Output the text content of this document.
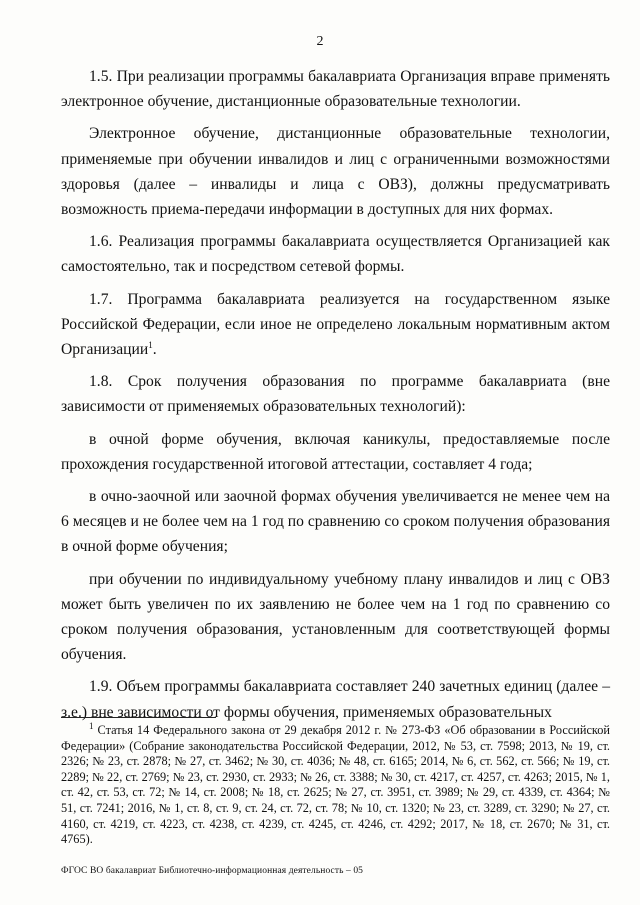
2

1.5. При реализации программы бакалавриата Организация вправе применять электронное обучение, дистанционные образовательные технологии.

Электронное обучение, дистанционные образовательные технологии, применяемые при обучении инвалидов и лиц с ограниченными возможностями здоровья (далее – инвалиды и лица с ОВЗ), должны предусматривать возможность приема-передачи информации в доступных для них формах.

1.6. Реализация программы бакалавриата осуществляется Организацией как самостоятельно, так и посредством сетевой формы.

1.7. Программа бакалавриата реализуется на государственном языке Российской Федерации, если иное не определено локальным нормативным актом Организации$^1$.

1.8. Срок получения образования по программе бакалавриата (вне зависимости от применяемых образовательных технологий):

в очной форме обучения, включая каникулы, предоставляемые после прохождения государственной итоговой аттестации, составляет 4 года;

в очно-заочной или заочной формах обучения увеличивается не менее чем на 6 месяцев и не более чем на 1 год по сравнению со сроком получения образования в очной форме обучения;

при обучении по индивидуальному учебному плану инвалидов и лиц с ОВЗ может быть увеличен по их заявлению не более чем на 1 год по сравнению со сроком получения образования, установленным для соответствующей формы обучения.

1.9. Объем программы бакалавриата составляет 240 зачетных единиц (далее – з.е.) вне зависимости от формы обучения, применяемых образовательных

$^1$ Статья 14 Федерального закона от 29 декабря 2012 г. № 273-ФЗ «Об образовании в Российской Федерации» (Собрание законодательства Российской Федерации, 2012, № 53, ст. 7598; 2013, № 19, ст. 2326; № 23, ст. 2878; № 27, ст. 3462; № 30, ст. 4036; № 48, ст. 6165; 2014, № 6, ст. 562, ст. 566; № 19, ст. 2289; № 22, ст. 2769; № 23, ст. 2930, ст. 2933; № 26, ст. 3388; № 30, ст. 4217, ст. 4257, ст. 4263; 2015, № 1, ст. 42, ст. 53, ст. 72; № 14, ст. 2008; № 18, ст. 2625; № 27, ст. 3951, ст. 3989; № 29, ст. 4339, ст. 4364; № 51, ст. 7241; 2016, № 1, ст. 8, ст. 9, ст. 24, ст. 72, ст. 78; № 10, ст. 1320; № 23, ст. 3289, ст. 3290; № 27, ст. 4160, ст. 4219, ст. 4223, ст. 4238, ст. 4239, ст. 4245, ст. 4246, ст. 4292; 2017, № 18, ст. 2670; № 31, ст. 4765).
ФГОС ВО бакалавриат Библиотечно-информационная деятельность – 05
